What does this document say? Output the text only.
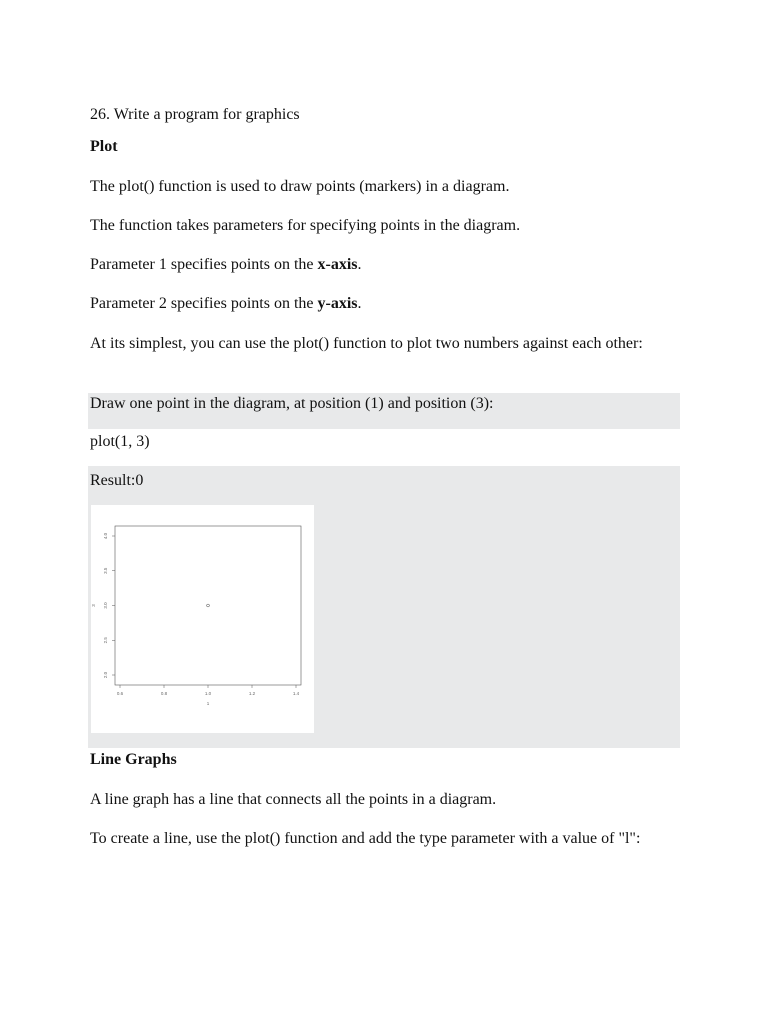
26. Write a program for graphics

Plot

The plot() function is used to draw points (markers) in a diagram.

The function takes parameters for specifying points in the diagram.

Parameter 1 specifies points on the x-axis.

Parameter 2 specifies points on the y-axis.

At its simplest, you can use the plot() function to plot two numbers against each other:

Draw one point in the diagram, at position (1) and position (3):

plot(1, 3)

Result:0

Line Graphs

A line graph has a line that connects all the points in a diagram.

To create a line, use the plot() function and add the type parameter with a value of "l":

0.6	0.8	1.0	1.2	1.4
2.0
2.5
3.0
3.5
4.0
1
3
